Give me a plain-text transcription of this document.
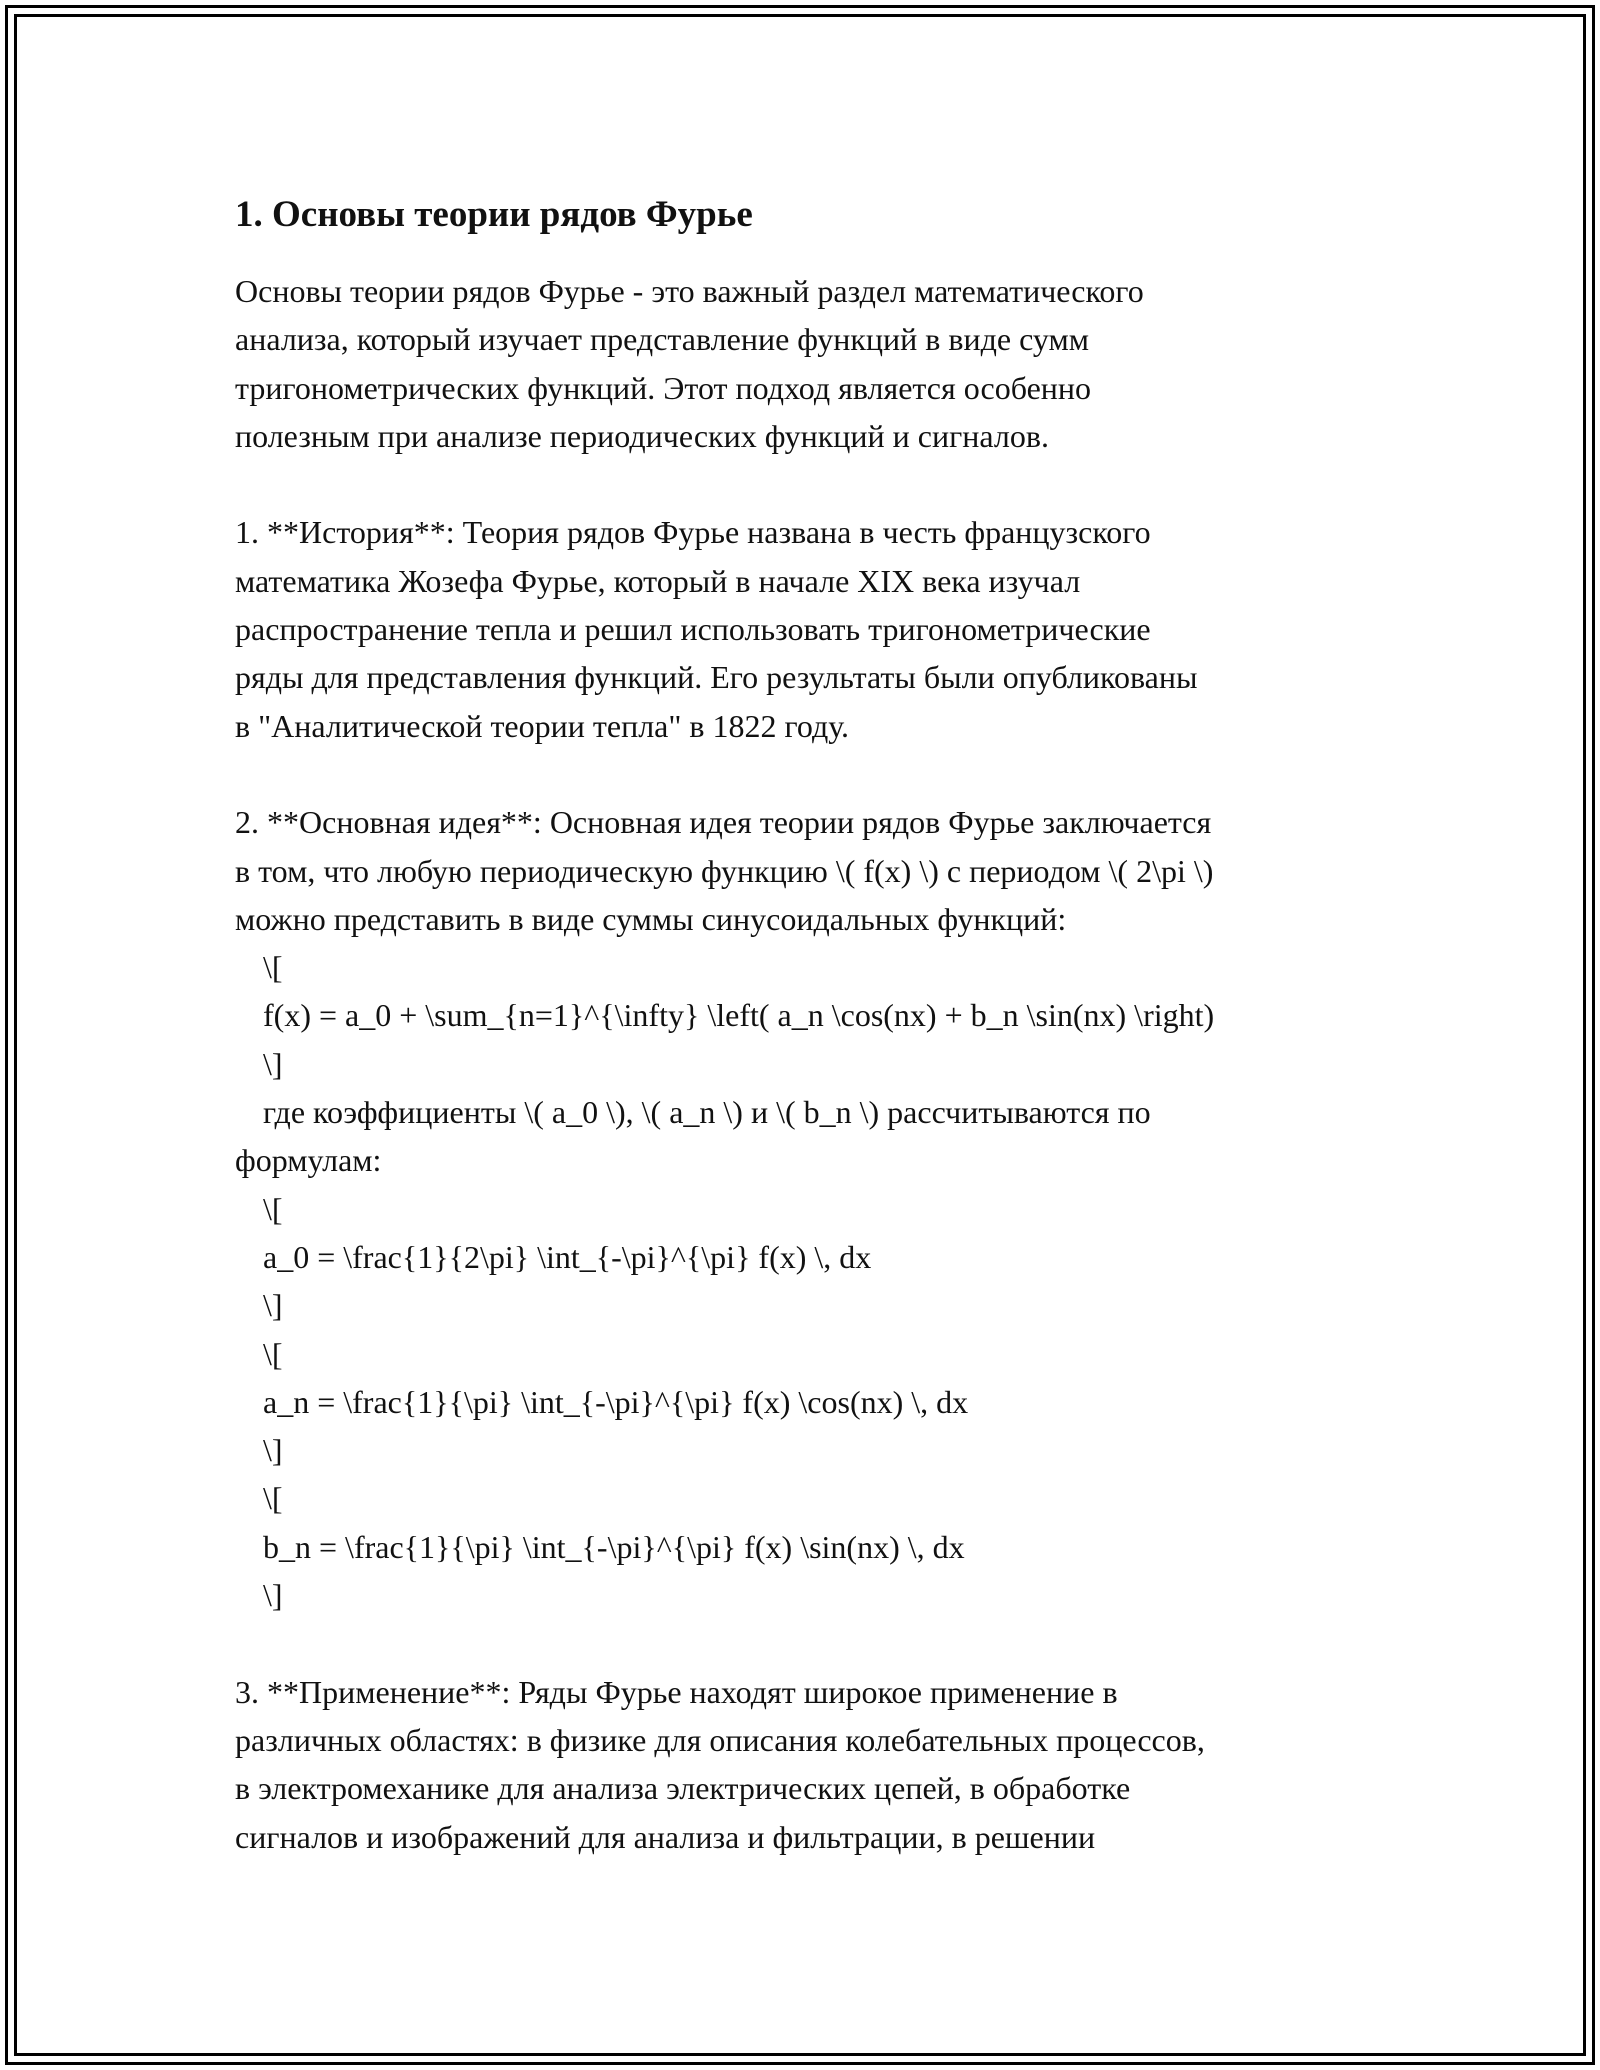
1. Основы теории рядов Фурье
Основы теории рядов Фурье - это важный раздел математического
анализа, который изучает представление функций в виде сумм
тригонометрических функций. Этот подход является особенно
полезным при анализе периодических функций и сигналов.
1. **История**: Теория рядов Фурье названа в честь французского
математика Жозефа Фурье, который в начале XIX века изучал
распространение тепла и решил использовать тригонометрические
ряды для представления функций. Его результаты были опубликованы
в "Аналитической теории тепла" в 1822 году.
2. **Основная идея**: Основная идея теории рядов Фурье заключается
в том, что любую периодическую функцию \( f(x) \) с периодом \( 2\pi \)
можно представить в виде суммы синусоидальных функций:
\[
f(x) = a_0 + \sum_{n=1}^{\infty} \left( a_n \cos(nx) + b_n \sin(nx) \right)
\]
где коэффициенты \( a_0 \), \( a_n \) и \( b_n \) рассчитываются по
формулам:
\[
a_0 = \frac{1}{2\pi} \int_{-\pi}^{\pi} f(x) \, dx
\]
\[
a_n = \frac{1}{\pi} \int_{-\pi}^{\pi} f(x) \cos(nx) \, dx
\]
\[
b_n = \frac{1}{\pi} \int_{-\pi}^{\pi} f(x) \sin(nx) \, dx
\]
3. **Применение**: Ряды Фурье находят широкое применение в
различных областях: в физике для описания колебательных процессов,
в электромеханике для анализа электрических цепей, в обработке
сигналов и изображений для анализа и фильтрации, в решении
